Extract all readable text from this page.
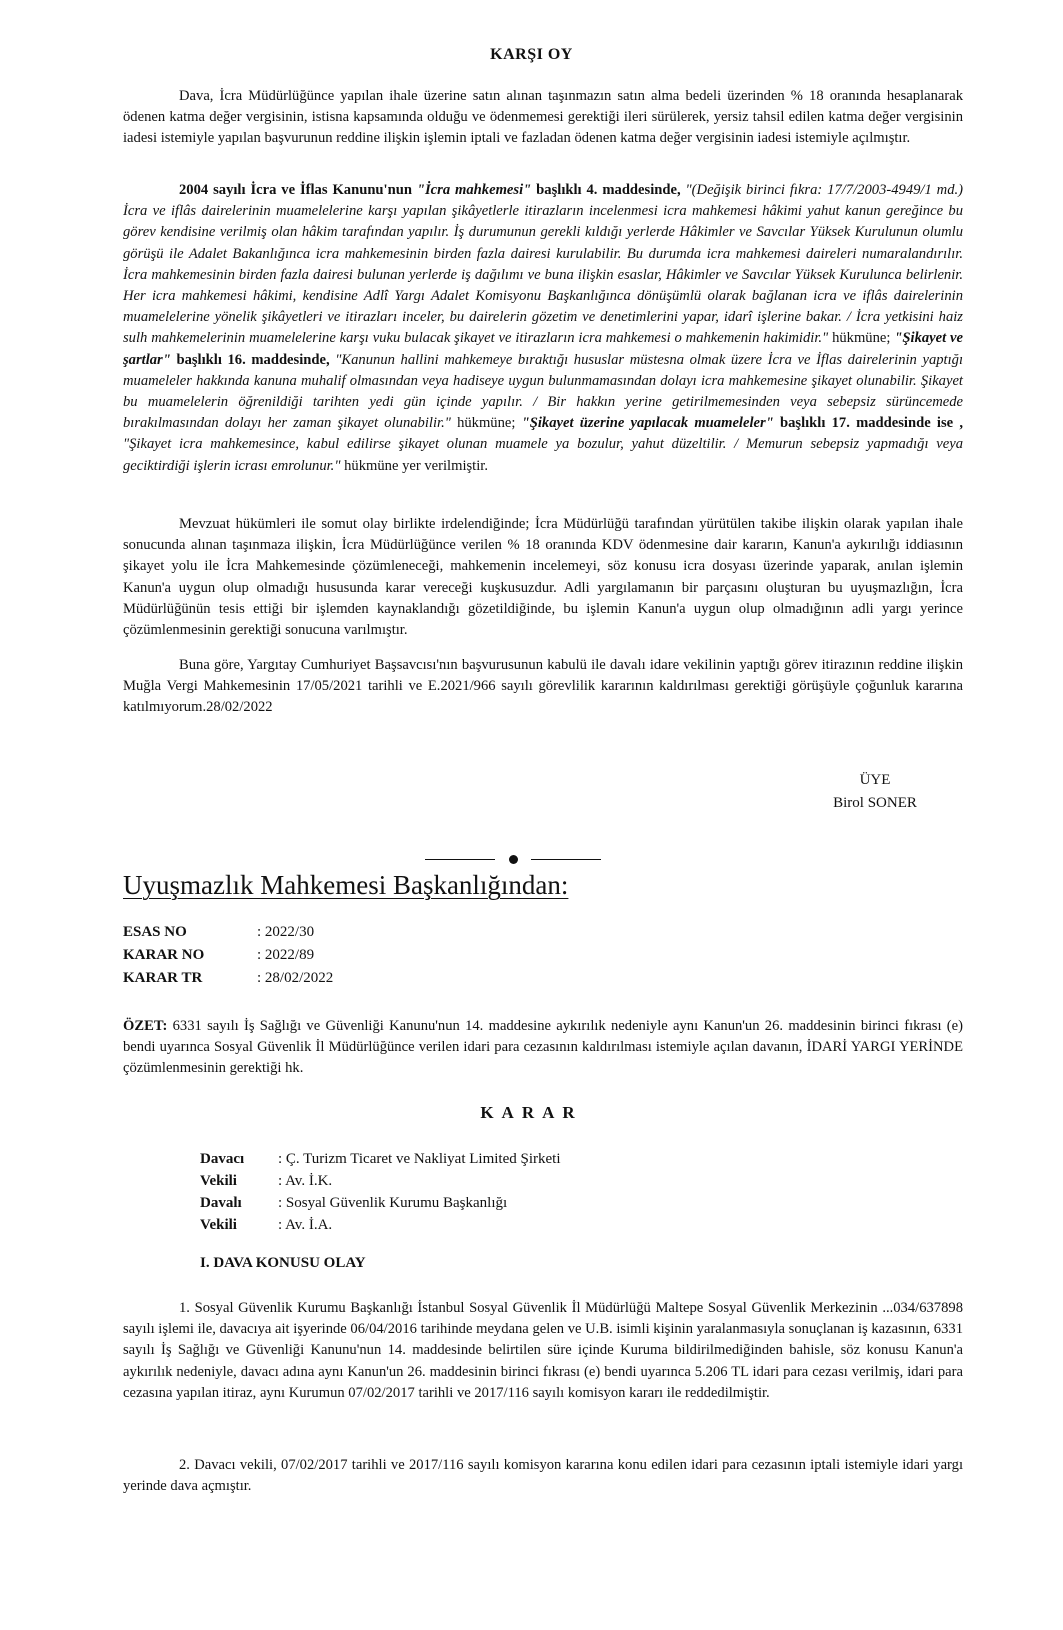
KARŞI OY
Dava, İcra Müdürlüğünce yapılan ihale üzerine satın alınan taşınmazın satın alma bedeli üzerinden % 18 oranında hesaplanarak ödenen katma değer vergisinin, istisna kapsamında olduğu ve ödenmemesi gerektiği ileri sürülerek, yersiz tahsil edilen katma değer vergisinin iadesi istemiyle yapılan başvurunun reddine ilişkin işlemin iptali ve fazladan ödenen katma değer vergisinin iadesi istemiyle açılmıştır.
2004 sayılı İcra ve İflas Kanunu'nun "İcra mahkemesi" başlıklı 4. maddesinde, "(Değişik birinci fıkra: 17/7/2003-4949/1 md.) İcra ve iflâs dairelerinin muamelelerine karşı yapılan şikâyetlerle itirazların incelenmesi icra mahkemesi hâkimi yahut kanun gereğince bu görev kendisine verilmiş olan hâkim tarafından yapılır. İş durumunun gerekli kıldığı yerlerde Hâkimler ve Savcılar Yüksek Kurulunun olumlu görüşü ile Adalet Bakanlığınca icra mahkemesinin birden fazla dairesi kurulabilir. Bu durumda icra mahkemesi daireleri numaralandırılır. İcra mahkemesinin birden fazla dairesi bulunan yerlerde iş dağılımı ve buna ilişkin esaslar, Hâkimler ve Savcılar Yüksek Kurulunca belirlenir. Her icra mahkemesi hâkimi, kendisine Adlî Yargı Adalet Komisyonu Başkanlığınca dönüşümlü olarak bağlanan icra ve iflâs dairelerinin muamelelerine yönelik şikâyetleri ve itirazları inceler, bu dairelerin gözetim ve denetimlerini yapar, idarî işlerine bakar. / İcra yetkisini haiz sulh mahkemelerinin muamelelerine karşı vuku bulacak şikayet ve itirazların icra mahkemesi o mahkemenin hakimidir." hükmüne; "Şikayet ve şartlar" başlıklı 16. maddesinde, "Kanunun hallini mahkemeye bıraktığı hususlar müstesna olmak üzere İcra ve İflas dairelerinin yaptığı muameleler hakkında kanuna muhalif olmasından veya hadiseye uygun bulunmamasından dolayı icra mahkemesine şikayet olunabilir. Şikayet bu muamelelerin öğrenildiği tarihten yedi gün içinde yapılır. / Bir hakkın yerine getirilmemesinden veya sebepsiz sürüncemede bırakılmasından dolayı her zaman şikayet olunabilir." hükmüne; "Şikayet üzerine yapılacak muameleler" başlıklı 17. maddesinde ise , "Şikayet icra mahkemesince, kabul edilirse şikayet olunan muamele ya bozulur, yahut düzeltilir. / Memurun sebepsiz yapmadığı veya geciktirdiği işlerin icrası emrolunur." hükmüne yer verilmiştir.
Mevzuat hükümleri ile somut olay birlikte irdelendiğinde; İcra Müdürlüğü tarafından yürütülen takibe ilişkin olarak yapılan ihale sonucunda alınan taşınmaza ilişkin, İcra Müdürlüğünce verilen % 18 oranında KDV ödenmesine dair kararın, Kanun'a aykırılığı iddiasının şikayet yolu ile İcra Mahkemesinde çözümleneceği, mahkemenin incelemeyi, söz konusu icra dosyası üzerinde yaparak, anılan işlemin Kanun'a uygun olup olmadığı hususunda karar vereceği kuşkusuzdur. Adli yargılamanın bir parçasını oluşturan bu uyuşmazlığın, İcra Müdürlüğünün tesis ettiği bir işlemden kaynaklandığı gözetildiğinde, bu işlemin Kanun'a uygun olup olmadığının adli yargı yerince çözümlenmesinin gerektiği sonucuna varılmıştır.
Buna göre, Yargıtay Cumhuriyet Başsavcısı'nın başvurusunun kabulü ile davalı idare vekilinin yaptığı görev itirazının reddine ilişkin Muğla Vergi Mahkemesinin 17/05/2021 tarihli ve E.2021/966 sayılı görevlilik kararının kaldırılması gerektiği görüşüyle çoğunluk kararına katılmıyorum.28/02/2022
ÜYE
Birol SONER
Uyuşmazlık Mahkemesi Başkanlığından:
ESAS NO	: 2022/30
KARAR NO	: 2022/89
KARAR TR	: 28/02/2022
ÖZET: 6331 sayılı İş Sağlığı ve Güvenliği Kanunu'nun 14. maddesine aykırılık nedeniyle aynı Kanun'un 26. maddesinin birinci fıkrası (e) bendi uyarınca Sosyal Güvenlik İl Müdürlüğünce verilen idari para cezasının kaldırılması istemiyle açılan davanın, İDARİ YARGI YERİNDE çözümlenmesinin gerektiği hk.
KARAR
Davacı : Ç. Turizm Ticaret ve Nakliyat Limited Şirketi
Vekili	: Av. İ.K.
Davalı : Sosyal Güvenlik Kurumu Başkanlığı
Vekili	: Av. İ.A.
I. DAVA KONUSU OLAY
1. Sosyal Güvenlik Kurumu Başkanlığı İstanbul Sosyal Güvenlik İl Müdürlüğü Maltepe Sosyal Güvenlik Merkezinin ...034/637898 sayılı işlemi ile, davacıya ait işyerinde 06/04/2016 tarihinde meydana gelen ve U.B. isimli kişinin yaralanmasıyla sonuçlanan iş kazasının, 6331 sayılı İş Sağlığı ve Güvenliği Kanunu'nun 14. maddesinde belirtilen süre içinde Kuruma bildirilmediğinden bahisle, söz konusu Kanun'a aykırılık nedeniyle, davacı adına aynı Kanun'un 26. maddesinin birinci fıkrası (e) bendi uyarınca 5.206 TL idari para cezası verilmiş, idari para cezasına yapılan itiraz, aynı Kurumun 07/02/2017 tarihli ve 2017/116 sayılı komisyon kararı ile reddedilmiştir.
2. Davacı vekili, 07/02/2017 tarihli ve 2017/116 sayılı komisyon kararına konu edilen idari para cezasının iptali istemiyle idari yargı yerinde dava açmıştır.
